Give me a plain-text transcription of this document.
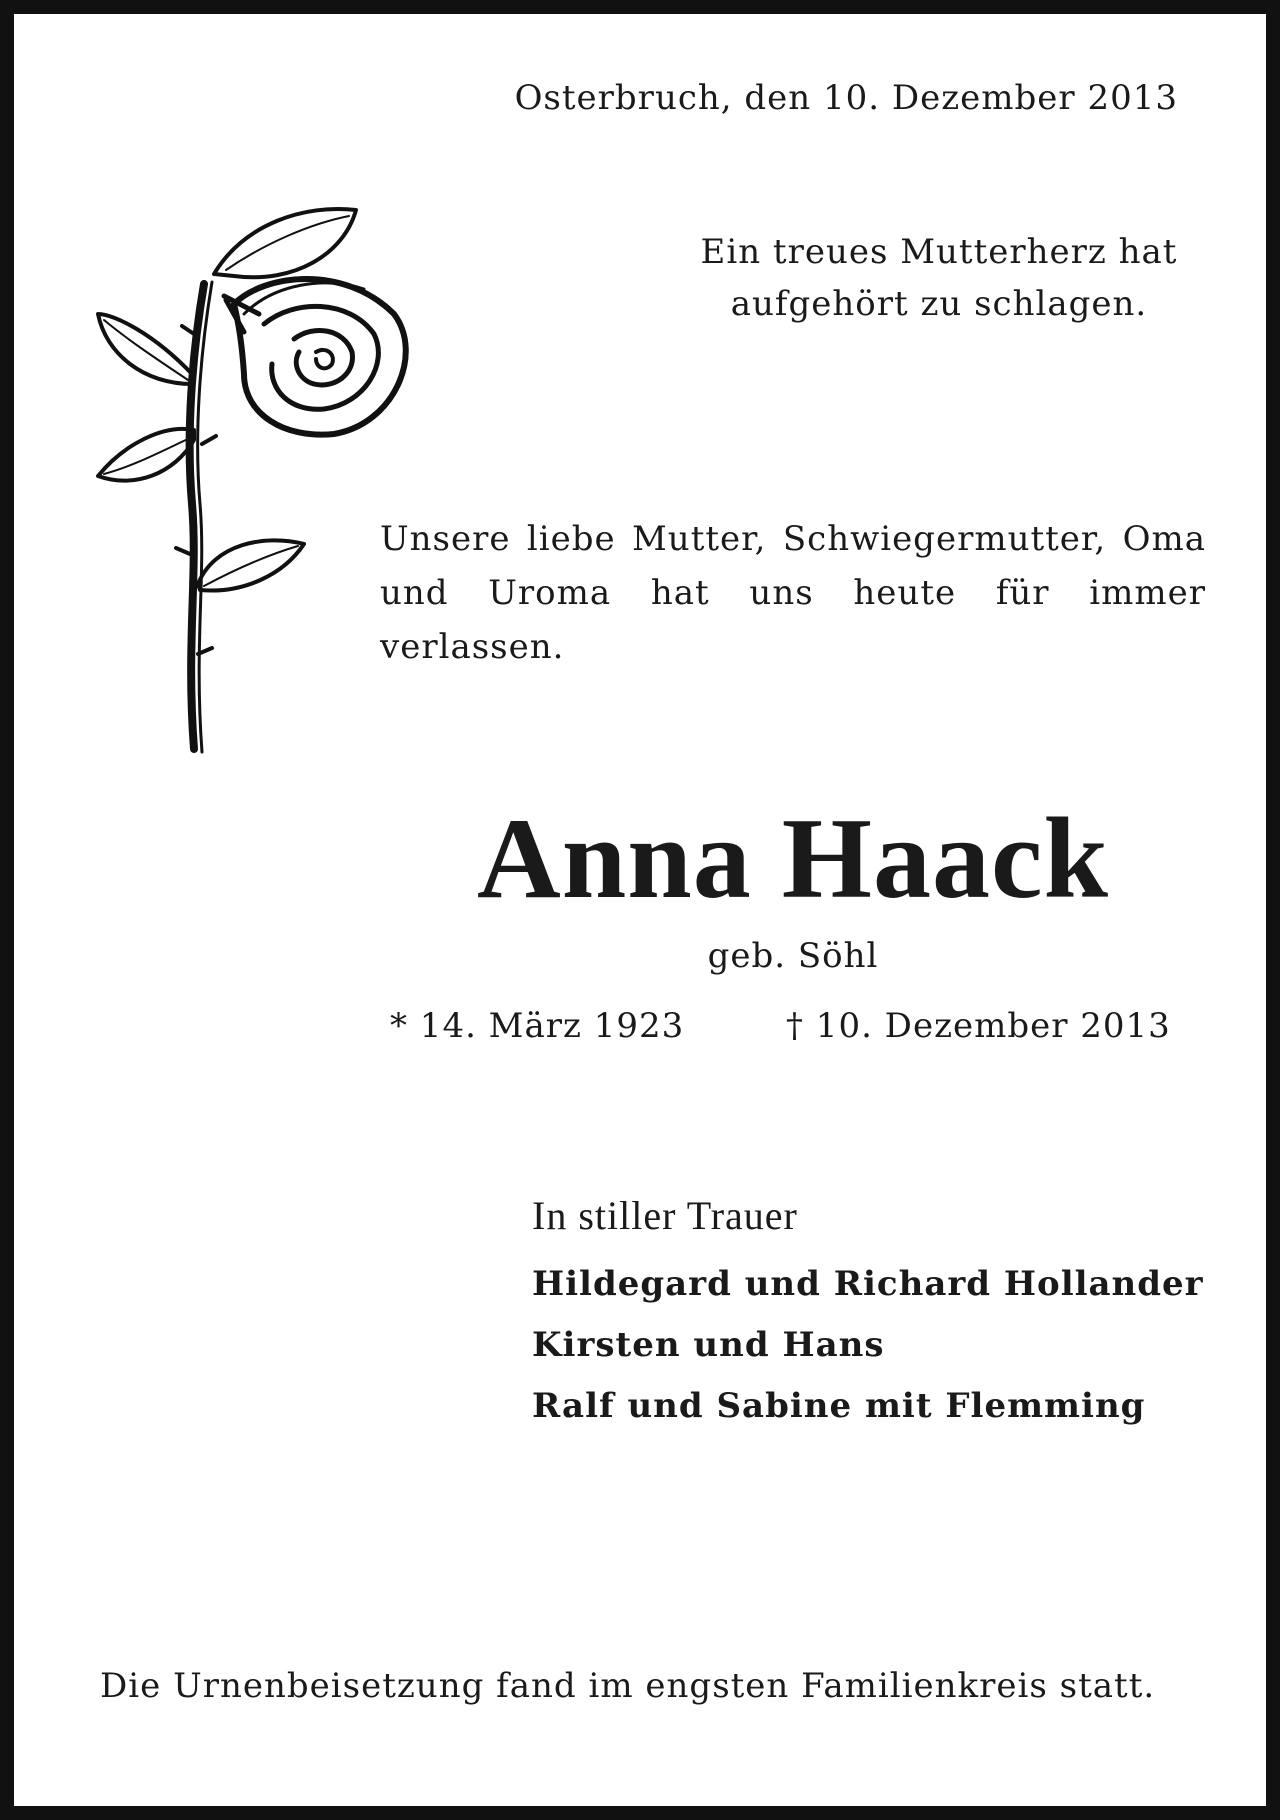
Osterbruch, den 10. Dezember 2013
Ein treues Mutterherz hat
aufgehört zu schlagen.
Unsere liebe Mutter, Schwiegermutter, Oma und Uroma hat uns heute für immer verlassen.
Anna Haack
geb. Söhl
* 14. März 1923	† 10. Dezember 2013
In stiller Trauer
Hildegard und Richard Hollander
Kirsten und Hans
Ralf und Sabine mit Flemming
Die Urnenbeisetzung fand im engsten Familienkreis statt.
